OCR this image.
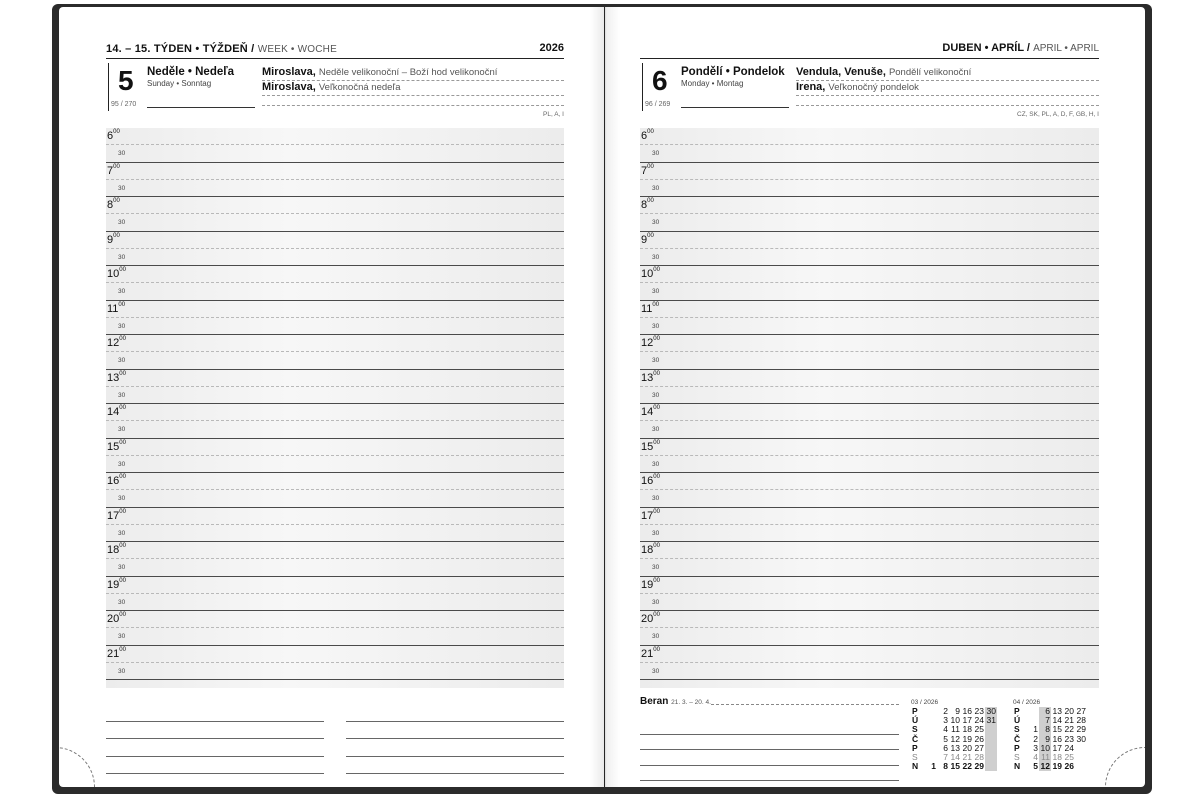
14. – 15. TÝDEN • TÝŽDEŇ / WEEK • WOCHE	2026
5
95 / 270
Neděle • Nedeľa
Sunday • Sonntag
Miroslava, Neděle velikonoční – Boží hod velikonoční
Miroslava, Veľkonočná nedeľa
PL, A, I
$6^{00}$
30
$7^{00}$
30
$8^{00}$
30
$9^{00}$
30
$10^{00}$
30
$11^{00}$
30
$12^{00}$
30
$13^{00}$
30
$14^{00}$
30
$15^{00}$
30
$16^{00}$
30
$17^{00}$
30
$18^{00}$
30
$19^{00}$
30
$20^{00}$
30
$21^{00}$
30
DUBEN • APRÍL / APRIL • APRIL
6
96 / 269
Pondělí • Pondelok
Monday • Montag
Vendula, Venuše, Pondělí velikonoční
Irena, Veľkonočný pondelok
CZ, SK, PL, A, D, F, GB, H, I
$6^{00}$
30
$7^{00}$
30
$8^{00}$
30
$9^{00}$
30
$10^{00}$
30
$11^{00}$
30
$12^{00}$
30
$13^{00}$
30
$14^{00}$
30
$15^{00}$
30
$16^{00}$
30
$17^{00}$
30
$18^{00}$
30
$19^{00}$
30
$20^{00}$
30
$21^{00}$
30
Beran 21. 3. – 20. 4.	03 / 2026
P		2	9	16	23	30
Ú		3	10	17	24	31
S		4	11	18	25	
Č		5	12	19	26	
P		6	13	20	27	
S		7	14	21	28	
N	1	8	15	22	29	
04 / 2026
P		6	13	20	27
Ú		7	14	21	28
S	1	8	15	22	29
Č	2	9	16	23	30
P	3	10	17	24	
S	4	11	18	25	
N	5	12	19	26	
